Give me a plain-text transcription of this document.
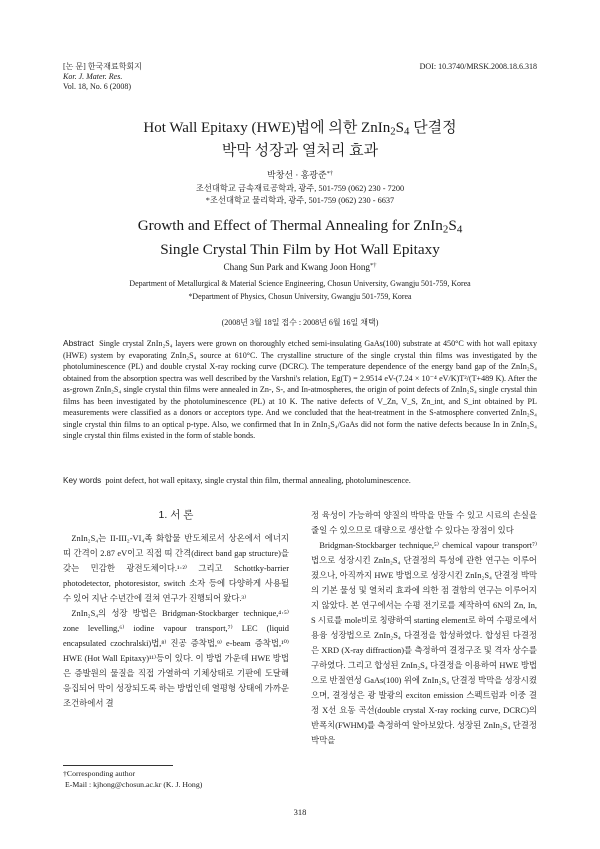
[논 문] 한국재료학회지
Kor. J. Mater. Res.
Vol. 18, No. 6 (2008)
DOI: 10.3740/MRSK.2008.18.6.318
Hot Wall Epitaxy (HWE)법에 의한 $ZnIn_2S_4$ 단결정
박막 성장과 열처리 효과
박창선 · 홍광준*†
조선대학교 금속재료공학과, 광주, 501-759 (062) 230 - 7200
*조선대학교 물리학과, 광주, 501-759 (062) 230 - 6637
Growth and Effect of Thermal Annealing for $ZnIn_2S_4$
Single Crystal Thin Film by Hot Wall Epitaxy
Chang Sun Park and Kwang Joon Hong*†
Department of Metallurgical & Material Science Engineering, Chosun University, Gwangju 501-759, Korea
*Department of Physics, Chosun University, Gwangju 501-759, Korea
(2008년 3월 18일 접수 : 2008년 6월 16일 채택)
Abstract Single crystal ZnIn₂S₄ layers were grown on thoroughly etched semi-insulating GaAs(100) substrate at 450°C with hot wall epitaxy (HWE) system by evaporating ZnIn₂S₄ source at 610°C. The crystalline structure of the single crystal thin films was investigated by the photoluminescence (PL) and double crystal X-ray rocking curve (DCRC). The temperature dependence of the energy band gap of the ZnIn₂S₄ obtained from the absorption spectra was well described by the Varshni's relation, Eg(T) = 2.9514 eV-(7.24 × 10⁻⁴ eV/K)T²/(T+489 K). After the as-grown ZnIn₂S₄ single crystal thin films were annealed in Zn-, S-, and In-atmospheres, the origin of point defects of ZnIn₂S₄ single crystal thin films has been investigated by the photoluminescence (PL) at 10 K. The native defects of V_Zn, V_S, Zn_int, and S_int obtained by PL measurements were classified as a donors or acceptors type. And we concluded that the heat-treatment in the S-atmosphere converted ZnIn₂S₄ single crystal thin films to an optical p-type. Also, we confirmed that In in ZnIn₂S₄/GaAs did not form the native defects because In in ZnIn₂S₄ single crystal thin films existed in the form of stable bonds.
Key words point defect, hot wall epitaxy, single crystal thin film, thermal annealing, photoluminescence.
1. 서 론

ZnIn₂S₄는 II-III₂-VI₄족 화합물 반도체로서 상온에서 에너지 띠 간격이 2.87 eV이고 직접 띠 간격(direct band gap structure)을 갖는 민감한 광전도체이다.¹·²⁾ 그리고 Schottky-barrier photodetector, photoresistor, switch 소자 등에 다양하게 사용될 수 있어 지난 수년간에 걸쳐 연구가 진행되어 왔다.³⁾

ZnIn₂S₄의 성장 방법은 Bridgman-Stockbarger technique,⁴·⁵⁾ zone levelling,⁶⁾ iodine vapour transport,⁷⁾ LEC (liquid encapsulated czochralski)법,⁸⁾ 진공 증착법,⁹⁾ e-beam 증착법,¹⁰⁾ HWE (Hot Wall Epitaxy)¹¹⁾등이 있다. 이 방법 가운데 HWE 방법은 증발원의 물질을 직접 가열하여 기체상태로 기판에 도달해 응집되어 막이 성장되도록 하는 방법인데 열평형 상태에 가까운 조건하에서 결

†Corresponding author
E-Mail : kjhong@chosun.ac.kr (K. J. Hong)

정 육성이 가능하여 양질의 박막을 만들 수 있고 시료의 손실을 줄일 수 있으므로 대량으로 생산할 수 있다는 장점이 있다

Bridgman-Stockbarger technique,⁵⁾ chemical vapour transport⁷⁾법으로 성장시킨 ZnIn₂S₄ 단결정의 특성에 관한 연구는 이루어졌으나, 아직까지 HWE 방법으로 성장시킨 ZnIn₂S₄ 단결정 박막의 기본 물성 및 열처리 효과에 의한 점 결함의 연구는 이루어지지 않았다. 본 연구에서는 수평 전기로를 제작하여 6N의 Zn, In, S 시료를 mole비로 칭량하여 starting element로 하여 수평로에서 용융 성장법으로 ZnIn₂S₄ 다결정을 합성하였다. 합성된 다결정은 XRD (X-ray diffraction)를 측정하여 결정구조 및 격자 상수를 구하였다. 그리고 합성된 ZnIn₂S₄ 다결정을 이용하여 HWE 방법으로 반절연성 GaAs(100) 위에 ZnIn₂S₄ 단결정 박막을 성장시켰으며, 결정성은 광 발광의 exciton emission 스펙트럼과 이중 결정 X선 요동 곡선(double crystal X-ray rocking curve, DCRC)의 반폭치(FWHM)를 측정하여 알아보았다. 성장된 ZnIn₂S₄ 단결정 박막을

318
